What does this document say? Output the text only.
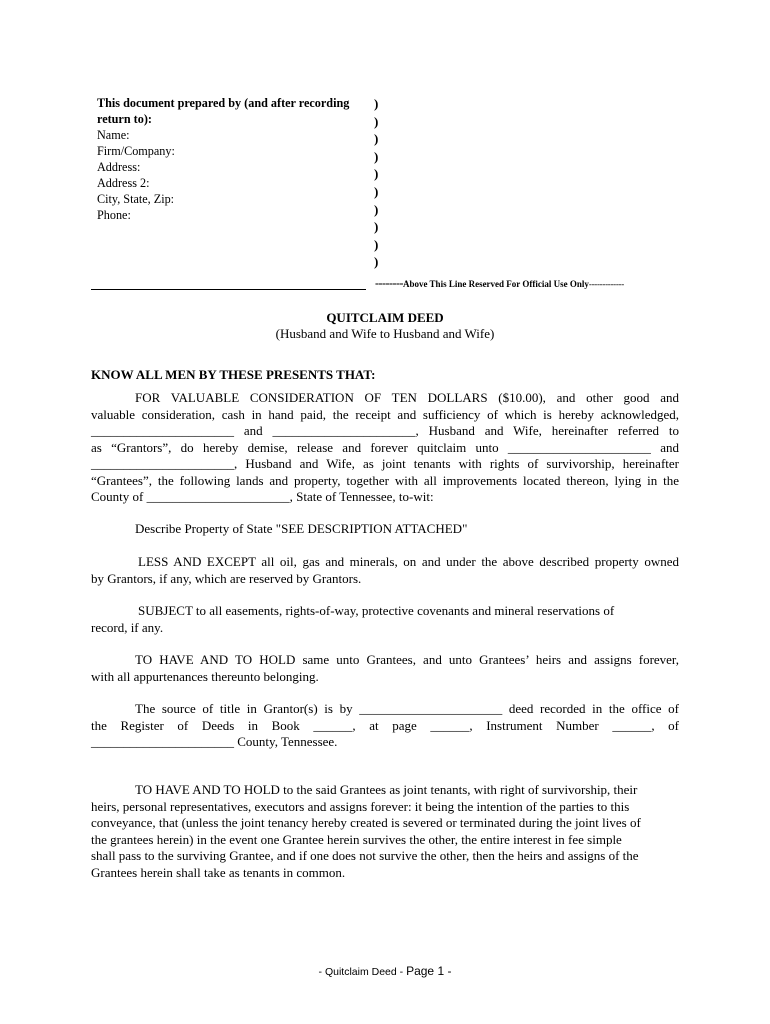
This document prepared by (and after recording
return to):
Name:
Firm/Company:
Address:
Address 2:
City, State, Zip:
Phone:
)
)
)
)
)
)
)
)
)
)
--------Above This Line Reserved For Official Use Only-------------
QUITCLAIM DEED
(Husband and Wife to Husband and Wife)
KNOW ALL MEN BY THESE PRESENTS THAT:
FOR VALUABLE CONSIDERATION OF TEN DOLLARS ($10.00), and other good and
valuable consideration, cash in hand paid, the receipt and sufficiency of which is hereby acknowledged,
______________________ and ______________________, Husband and Wife, hereinafter referred to
as “Grantors”, do hereby demise, release and forever quitclaim unto ______________________ and
______________________, Husband and Wife, as joint tenants with rights of survivorship, hereinafter
“Grantees”, the following lands and property, together with all improvements located thereon, lying in the
County of ______________________, State of Tennessee, to-wit:
Describe Property of State "SEE DESCRIPTION ATTACHED"
LESS AND EXCEPT all oil, gas and minerals, on and under the above described property owned
by Grantors, if any, which are reserved by Grantors.
SUBJECT to all easements, rights-of-way, protective covenants and mineral reservations of
record, if any.
TO HAVE AND TO HOLD same unto Grantees, and unto Grantees’ heirs and assigns forever,
with all appurtenances thereunto belonging.
The source of title in Grantor(s) is by ______________________ deed recorded in the office of
the Register of Deeds in Book ______, at page ______, Instrument Number ______, of
______________________ County, Tennessee.
TO HAVE AND TO HOLD to the said Grantees as joint tenants, with right of survivorship, their
heirs, personal representatives, executors and assigns forever: it being the intention of the parties to this
conveyance, that (unless the joint tenancy hereby created is severed or terminated during the joint lives of
the grantees herein) in the event one Grantee herein survives the other, the entire interest in fee simple
shall pass to the surviving Grantee, and if one does not survive the other, then the heirs and assigns of the
Grantees herein shall take as tenants in common.
- Quitclaim Deed - Page 1 -
